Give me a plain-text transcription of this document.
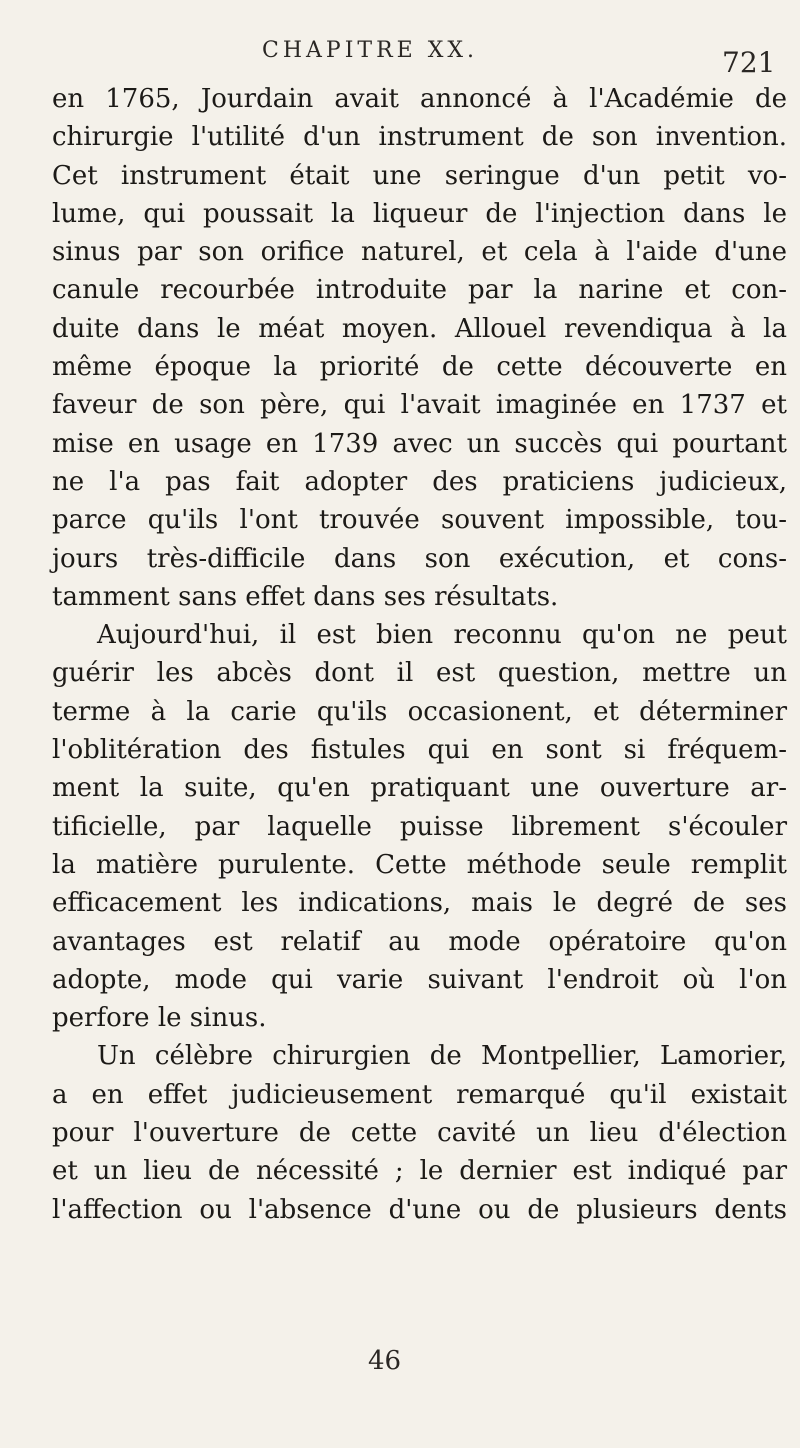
CHAPITRE XX.	721
en 1765, Jourdain avait annoncé à l'Académie de
chirurgie l'utilité d'un instrument de son invention.
Cet instrument était une seringue d'un petit vo-
lume, qui poussait la liqueur de l'injection dans le
sinus par son orifice naturel, et cela à l'aide d'une
canule recourbée introduite par la narine et con-
duite dans le méat moyen. Allouel revendiqua à la
même époque la priorité de cette découverte en
faveur de son père, qui l'avait imaginée en 1737 et
mise en usage en 1739 avec un succès qui pourtant
ne l'a pas fait adopter des praticiens judicieux,
parce qu'ils l'ont trouvée souvent impossible, tou-
jours très-difficile dans son exécution, et cons-
tamment sans effet dans ses résultats.
Aujourd'hui, il est bien reconnu qu'on ne peut
guérir les abcès dont il est question, mettre un
terme à la carie qu'ils occasionent, et déterminer
l'oblitération des fistules qui en sont si fréquem-
ment la suite, qu'en pratiquant une ouverture ar-
tificielle, par laquelle puisse librement s'écouler
la matière purulente. Cette méthode seule remplit
efficacement les indications, mais le degré de ses
avantages est relatif au mode opératoire qu'on
adopte, mode qui varie suivant l'endroit où l'on
perfore le sinus.
Un célèbre chirurgien de Montpellier, Lamorier,
a en effet judicieusement remarqué qu'il existait
pour l'ouverture de cette cavité un lieu d'élection
et un lieu de nécessité ; le dernier est indiqué par
l'affection ou l'absence d'une ou de plusieurs dents
46
